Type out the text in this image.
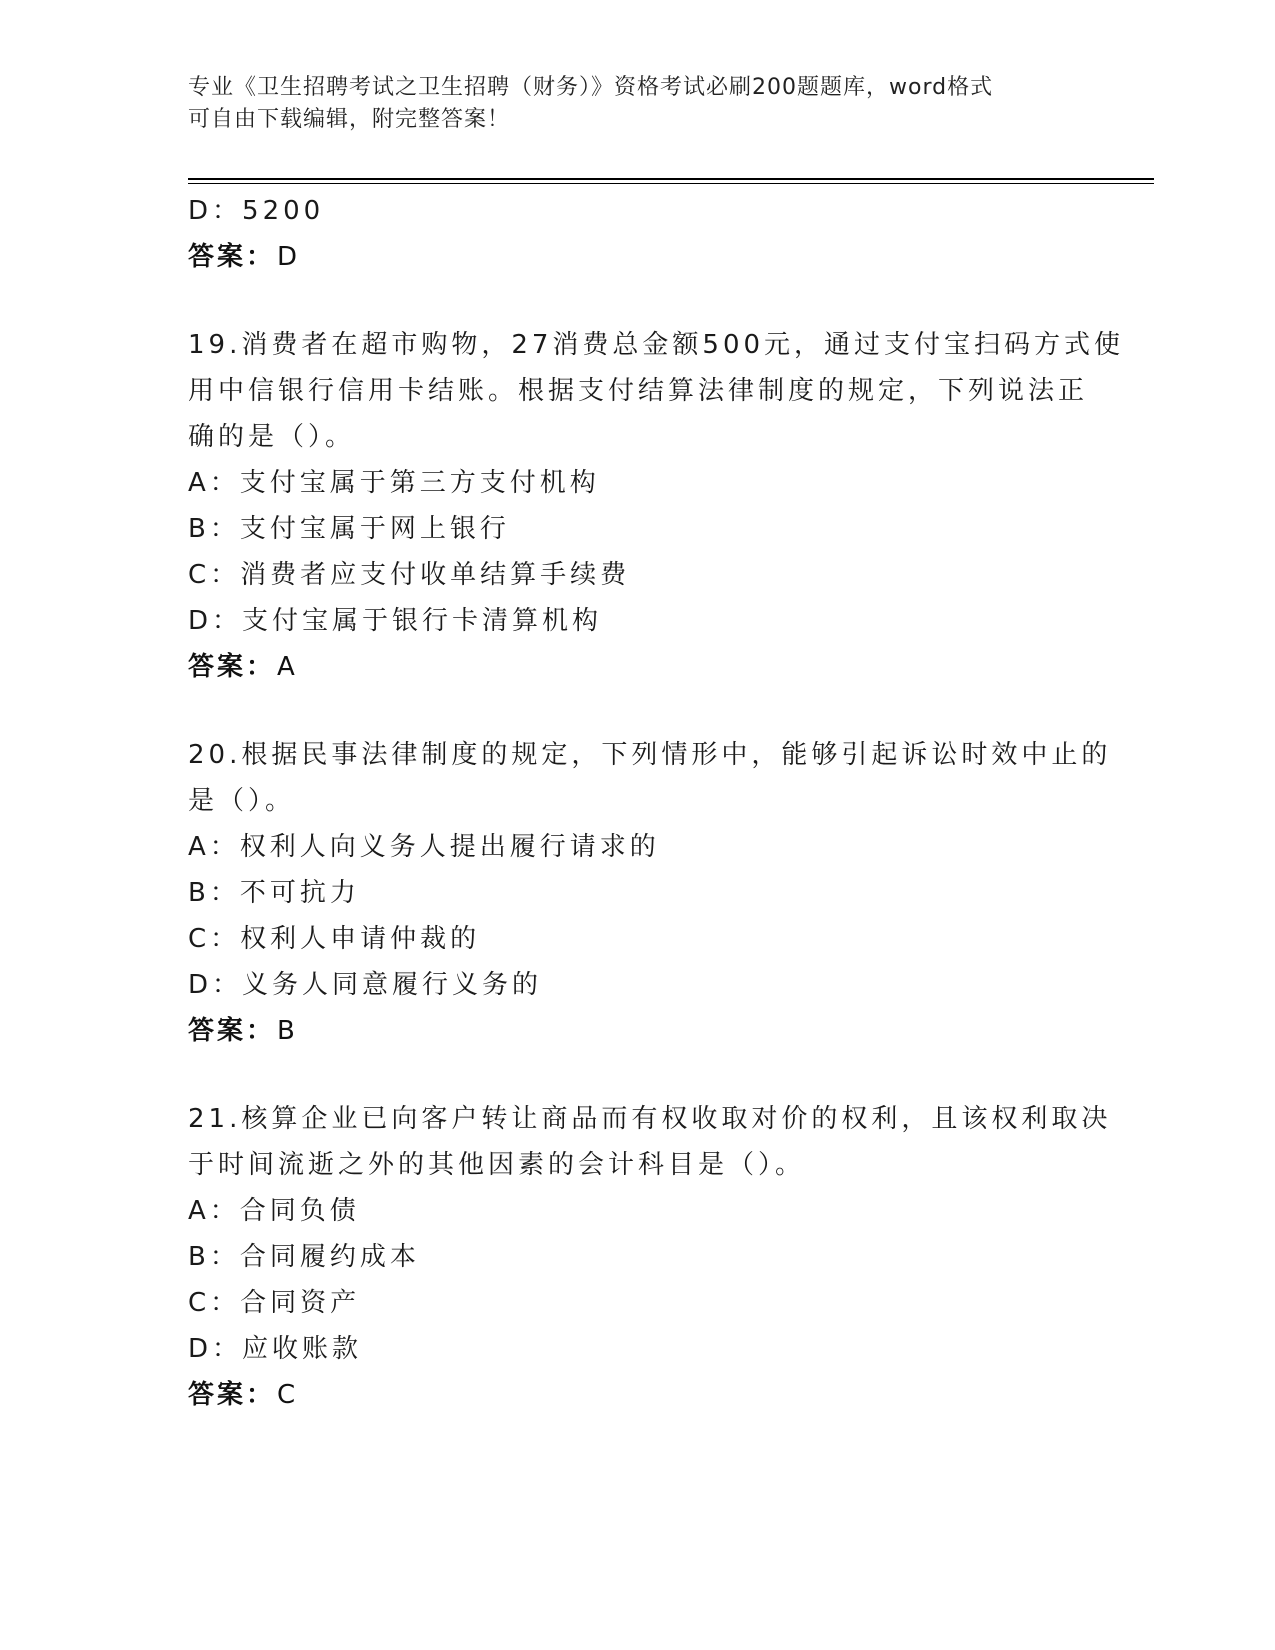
专业《卫生招聘考试之卫生招聘（财务）》资格考试必刷200题题库，word格式
可自由下载编辑，附完整答案！
D：5200
答案：D
19.消费者在超市购物，27消费总金额500元，通过支付宝扫码方式使
用中信银行信用卡结账。根据支付结算法律制度的规定，下列说法正
确的是（）。
A：支付宝属于第三方支付机构
B：支付宝属于网上银行
C：消费者应支付收单结算手续费
D：支付宝属于银行卡清算机构
答案：A
20.根据民事法律制度的规定，下列情形中，能够引起诉讼时效中止的
是（）。
A：权利人向义务人提出履行请求的
B：不可抗力
C：权利人申请仲裁的
D：义务人同意履行义务的
答案：B
21.核算企业已向客户转让商品而有权收取对价的权利，且该权利取决
于时间流逝之外的其他因素的会计科目是（）。
A：合同负债
B：合同履约成本
C：合同资产
D：应收账款
答案：C
